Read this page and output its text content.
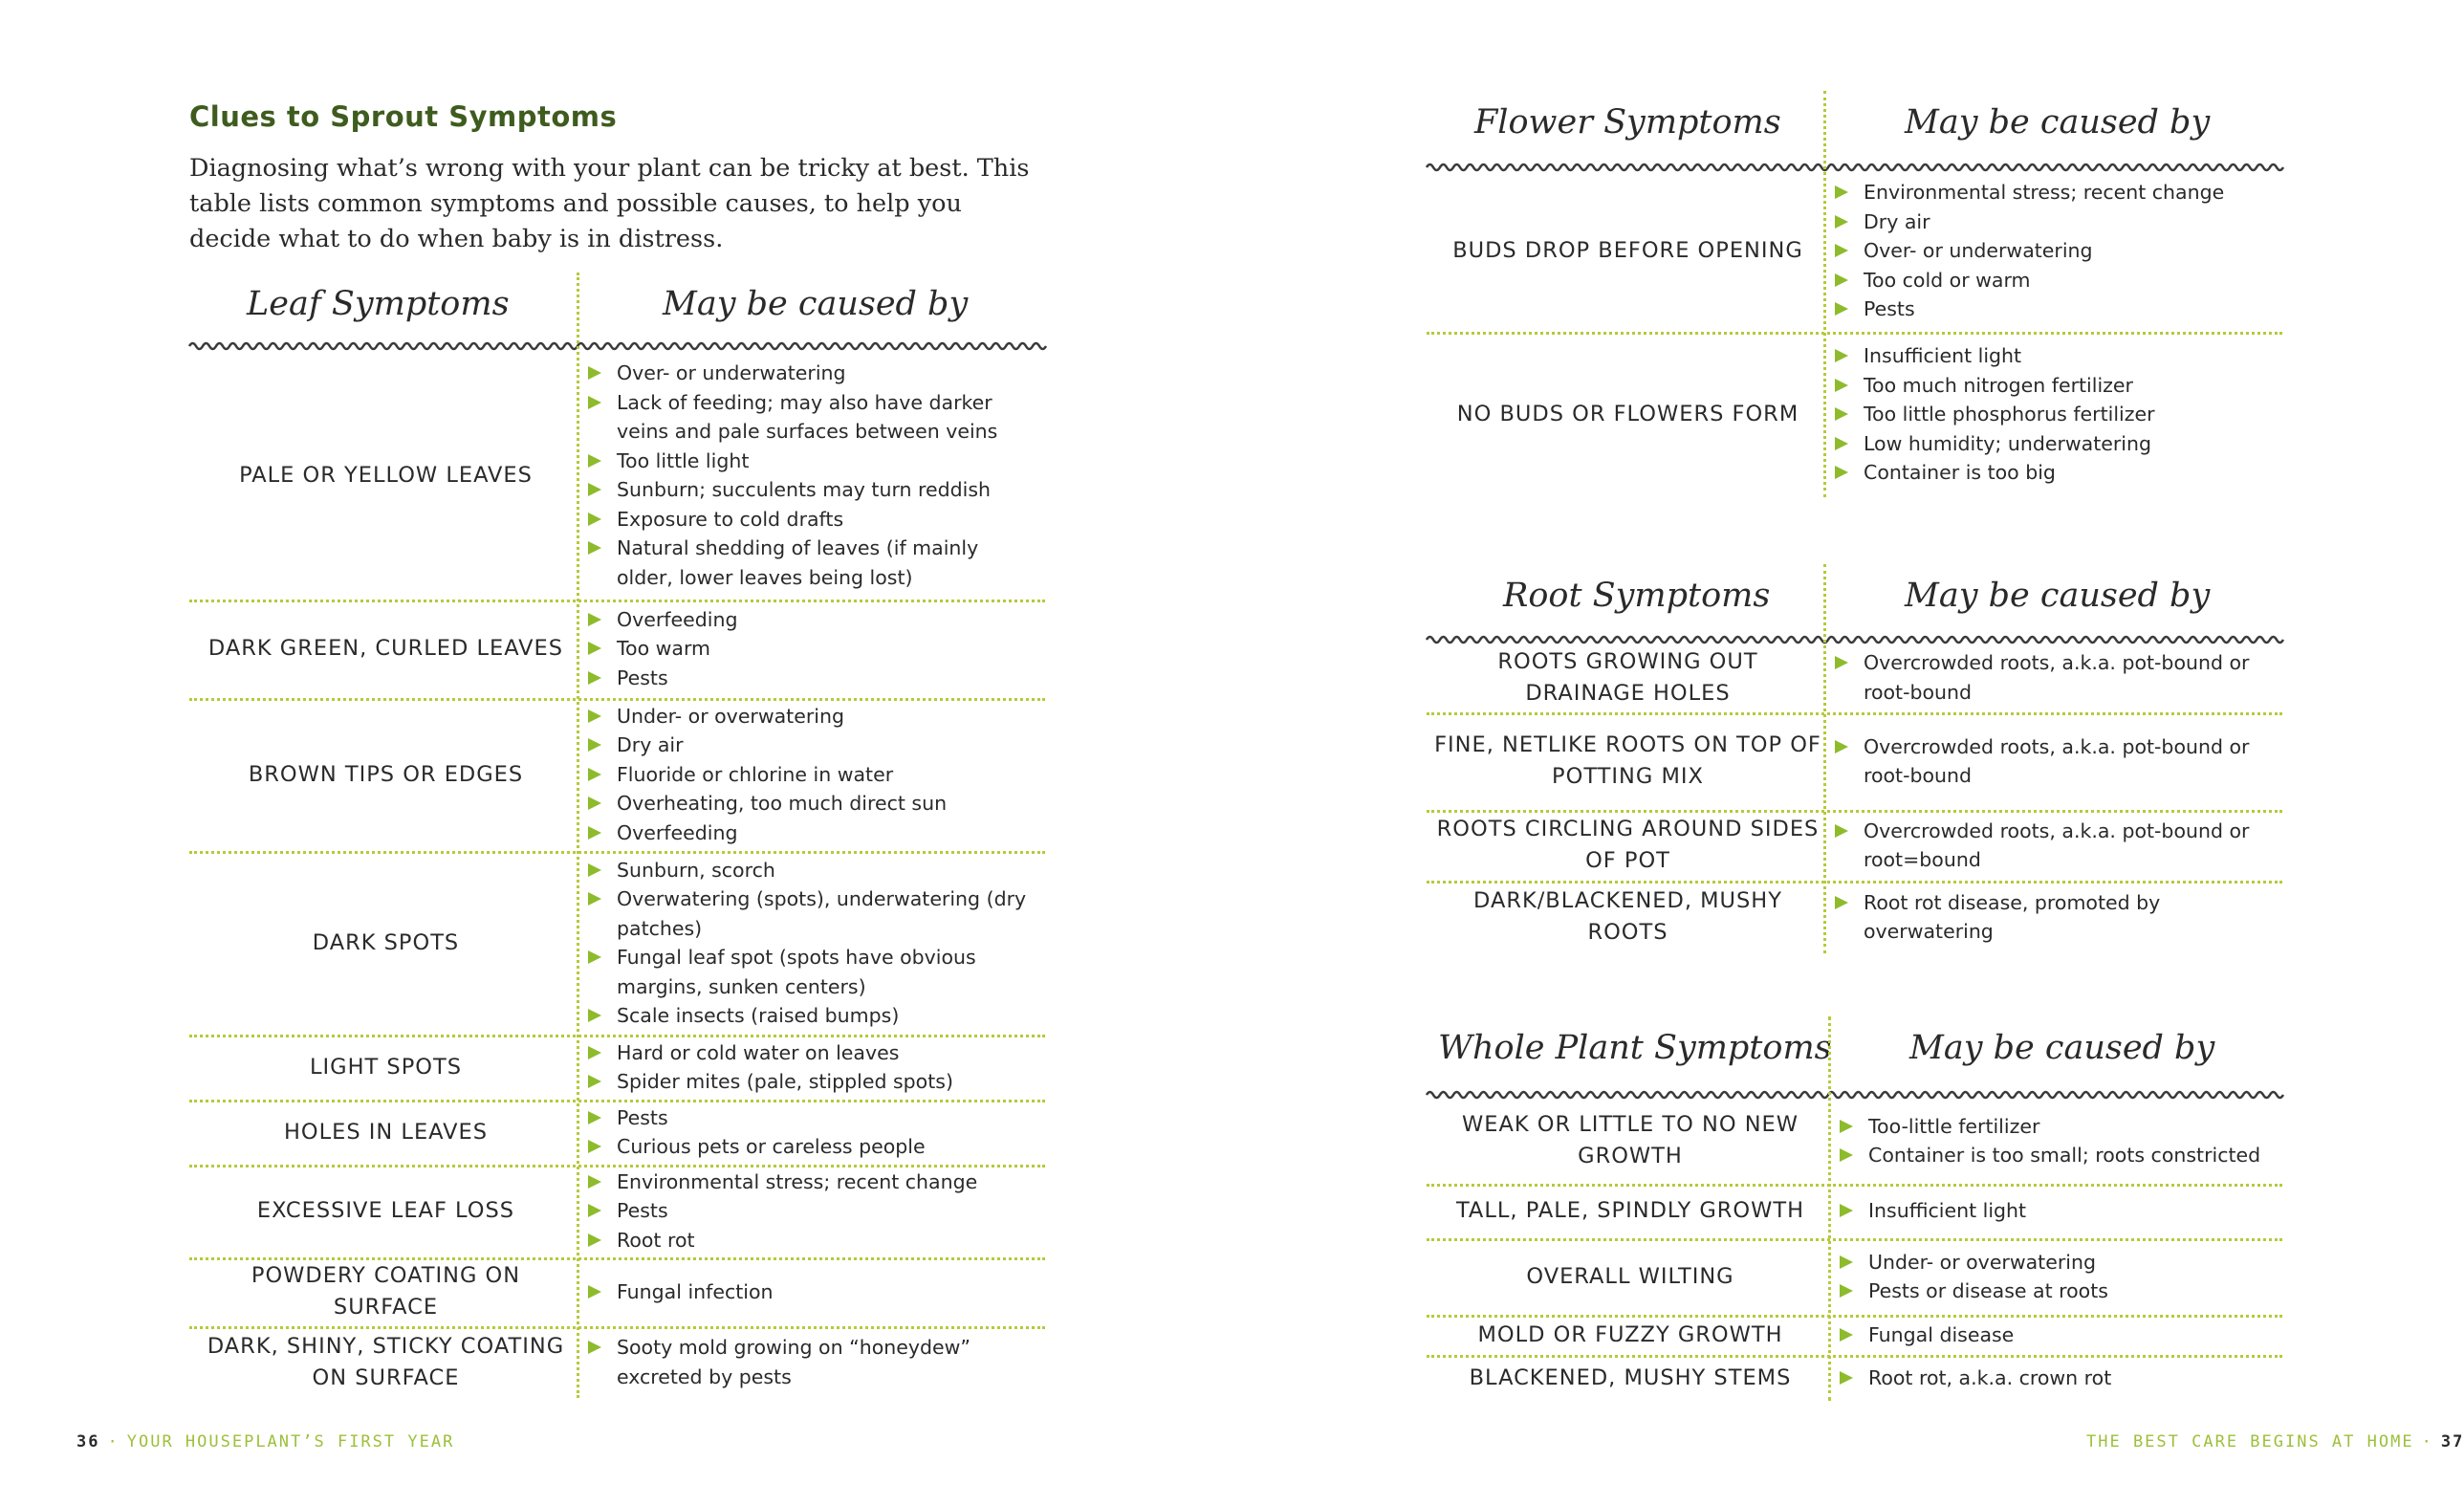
Clues to Sprout Symptoms
Diagnosing what’s wrong with your plant can be tricky at best. This table lists common symptoms and possible causes, to help you decide what to do when baby is in distress.
Leaf Symptoms	May be caused by
PALE OR YELLOW LEAVES
Over- or underwatering
Lack of feeding; may also have darker veins and pale surfaces between veins
Too little light
Sunburn; succulents may turn reddish
Exposure to cold drafts
Natural shedding of leaves (if mainly older, lower leaves being lost)
DARK GREEN, CURLED LEAVES
Overfeeding
Too warm
Pests
BROWN TIPS OR EDGES
Under- or overwatering
Dry air
Fluoride or chlorine in water
Overheating, too much direct sun
Overfeeding
DARK SPOTS
Sunburn, scorch
Overwatering (spots), underwatering (dry patches)
Fungal leaf spot (spots have obvious margins, sunken centers)
Scale insects (raised bumps)
LIGHT SPOTS
Hard or cold water on leaves
Spider mites (pale, stippled spots)
HOLES IN LEAVES
Pests
Curious pets or careless people
EXCESSIVE LEAF LOSS
Environmental stress; recent change
Pests
Root rot
POWDERY COATING ON SURFACE
Fungal infection
DARK, SHINY, STICKY COATING ON SURFACE
Sooty mold growing on “honeydew” excreted by pests
36 · YOUR HOUSEPLANT’S FIRST YEAR
Flower Symptoms	May be caused by
BUDS DROP BEFORE OPENING
Environmental stress; recent change
Dry air
Over- or underwatering
Too cold or warm
Pests
NO BUDS OR FLOWERS FORM
Insufficient light
Too much nitrogen fertilizer
Too little phosphorus fertilizer
Low humidity; underwatering
Container is too big
Root Symptoms	May be caused by
ROOTS GROWING OUT DRAINAGE HOLES
Overcrowded roots, a.k.a. pot-bound or root-bound
FINE, NETLIKE ROOTS ON TOP OF POTTING MIX
Overcrowded roots, a.k.a. pot-bound or root-bound
ROOTS CIRCLING AROUND SIDES OF POT
Overcrowded roots, a.k.a. pot-bound or root=bound
DARK/BLACKENED, MUSHY ROOTS
Root rot disease, promoted by overwatering
Whole Plant Symptoms May be caused by
WEAK OR LITTLE TO NO NEW GROWTH
Too-little fertilizer
Container is too small; roots constricted
TALL, PALE, SPINDLY GROWTH	Insufficient light
OVERALL WILTING
Under- or overwatering
Pests or disease at roots
MOLD OR FUZZY GROWTH	Fungal disease
BLACKENED, MUSHY STEMS	Root rot, a.k.a. crown rot
THE BEST CARE BEGINS AT HOME · 37
